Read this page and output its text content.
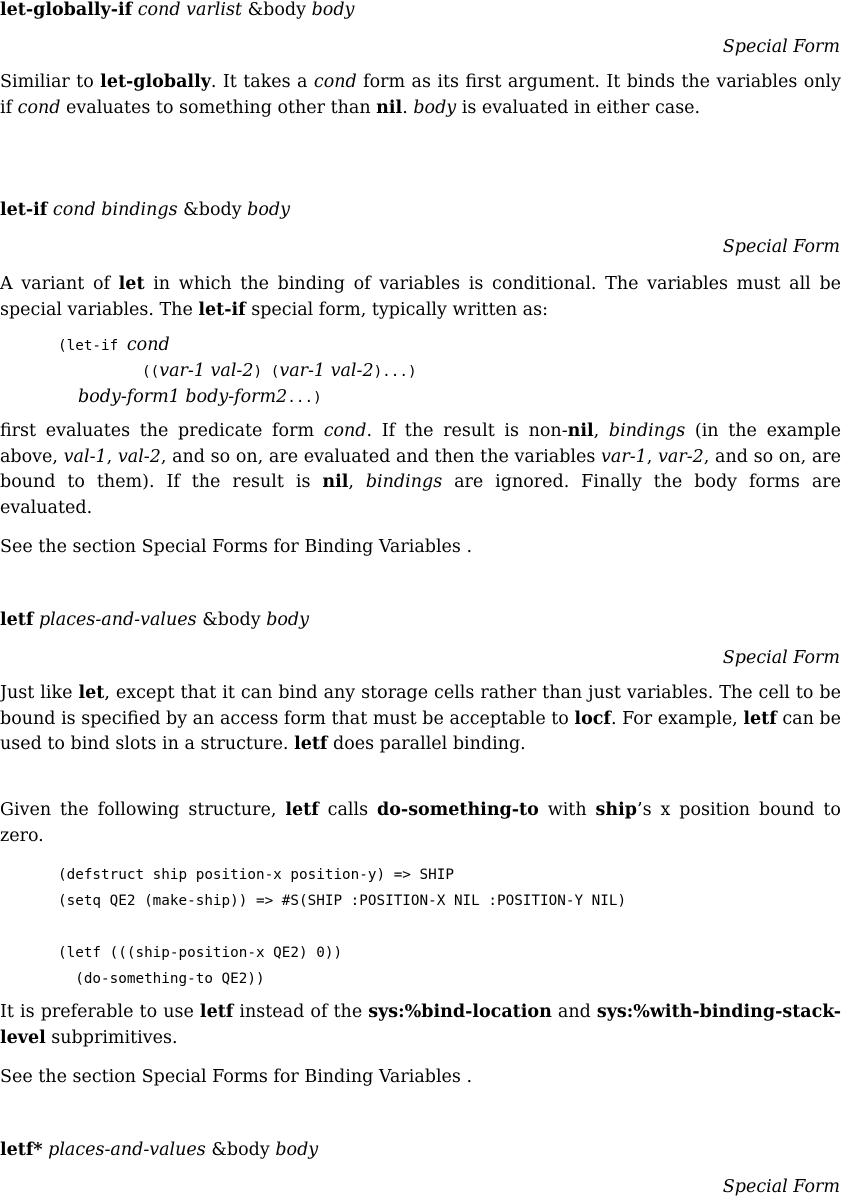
let-globally-if cond varlist &body body
Special Form

Similiar to let-globally. It takes a cond form as its first argument. It binds the variables only if cond evaluates to something other than nil. body is evaluated in either case.

let-if cond bindings &body body
Special Form

A variant of let in which the binding of variables is conditional. The variables must all be special variables. The let-if special form, typically written as:

(let-if cond
((var-1 val-2) (var-1 val-2)...)
body-form1 body-form2...)

first evaluates the predicate form cond. If the result is non-nil, bindings (in the example above, val-1, val-2, and so on, are evaluated and then the variables var-1, var-2, and so on, are bound to them). If the result is nil, bindings are ignored. Finally the body forms are evaluated.

See the section Special Forms for Binding Variables .

letf places-and-values &body body
Special Form

Just like let, except that it can bind any storage cells rather than just variables. The cell to be bound is specified by an access form that must be acceptable to locf. For example, letf can be used to bind slots in a structure. letf does parallel binding.

Given the following structure, letf calls do-something-to with ship’s x position bound to zero.

(defstruct ship position-x position-y) => SHIP
(setq QE2 (make-ship)) => #S(SHIP :POSITION-X NIL :POSITION-Y NIL)
(letf (((ship-position-x QE2) 0))
(do-something-to QE2))

It is preferable to use letf instead of the sys:%bind-location and sys:%with-binding-stack-level subprimitives.

See the section Special Forms for Binding Variables .

letf* places-and-values &body body
Special Form
